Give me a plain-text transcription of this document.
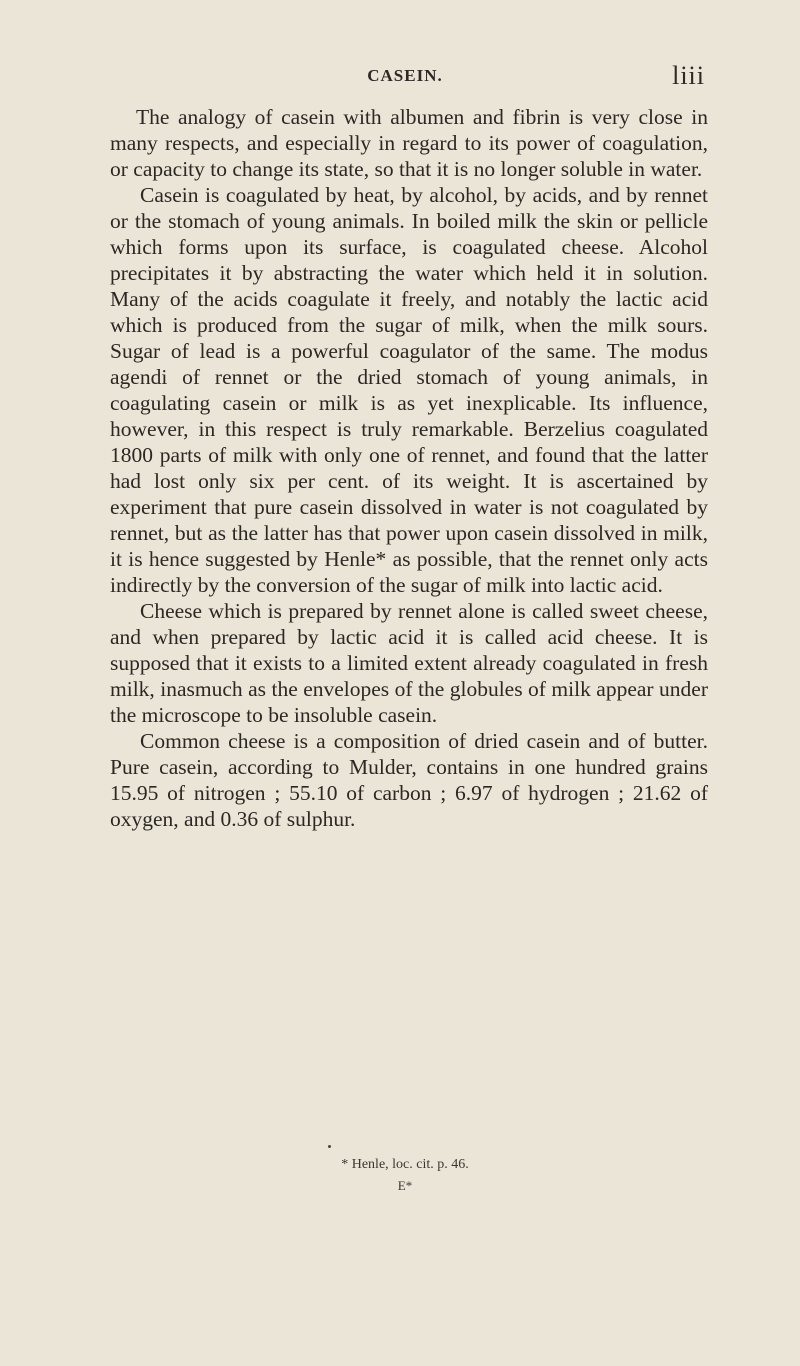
CASEIN.	liii

The analogy of casein with albumen and fibrin is very close in many respects, and especially in regard to its power of coagulation, or capacity to change its state, so that it is no longer soluble in water.

Casein is coagulated by heat, by alcohol, by acids, and by rennet or the stomach of young animals. In boiled milk the skin or pellicle which forms upon its surface, is coagulated cheese. Alcohol precipitates it by abstracting the water which held it in solution. Many of the acids coagulate it freely, and notably the lactic acid which is produced from the sugar of milk, when the milk sours. Sugar of lead is a powerful coagulator of the same. The modus agendi of rennet or the dried stomach of young animals, in coagulating casein or milk is as yet inexplicable. Its influence, however, in this respect is truly remarkable. Berzelius coagulated 1800 parts of milk with only one of rennet, and found that the latter had lost only six per cent. of its weight. It is ascertained by experiment that pure casein dissolved in water is not coagulated by rennet, but as the latter has that power upon casein dissolved in milk, it is hence suggested by Henle* as possible, that the rennet only acts indirectly by the conversion of the sugar of milk into lactic acid.

Cheese which is prepared by rennet alone is called sweet cheese, and when prepared by lactic acid it is called acid cheese. It is supposed that it exists to a limited extent already coagulated in fresh milk, inasmuch as the envelopes of the globules of milk appear under the microscope to be insoluble casein.

Common cheese is a composition of dried casein and of butter. Pure casein, according to Mulder, contains in one hundred grains 15.95 of nitrogen ; 55.10 of carbon ; 6.97 of hydrogen ; 21.62 of oxygen, and 0.36 of sulphur.

* Henle, loc. cit. p. 46.
E*
